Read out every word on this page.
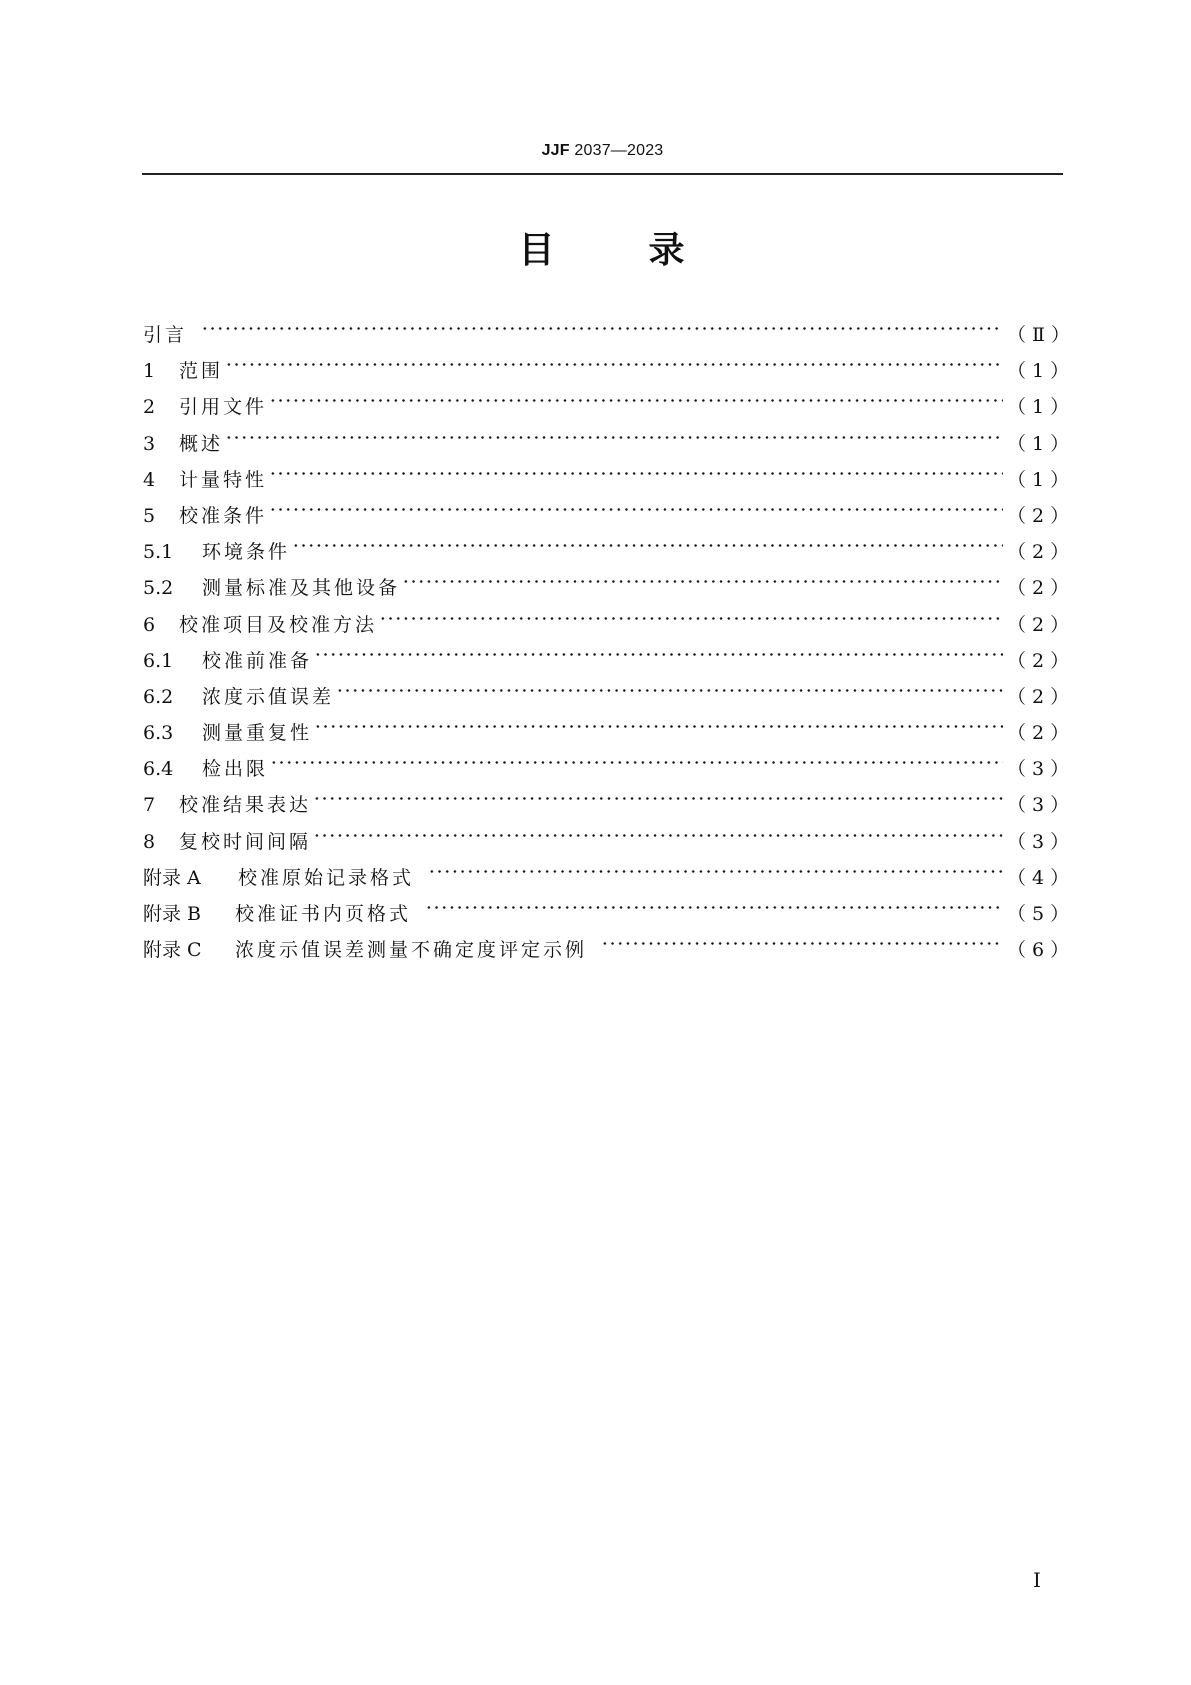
JJF 2037—2023
目	录
引言	（Ⅱ）
1	范围	（1）
2	引用文件	（1）
3	概述	（1）
4	计量特性	（1）
5	校准条件	（2）
5.1	环境条件	（2）
5.2	测量标准及其他设备	（2）
6	校准项目及校准方法	（2）
6.1	校准前准备	（2）
6.2	浓度示值误差	（2）
6.3	测量重复性	（2）
6.4	检出限	（3）
7	校准结果表达	（3）
8	复校时间间隔	（3）
附录 A	校准原始记录格式	（4）
附录 B	校准证书内页格式	（5）
附录 C	浓度示值误差测量不确定度评定示例	（6）
I
